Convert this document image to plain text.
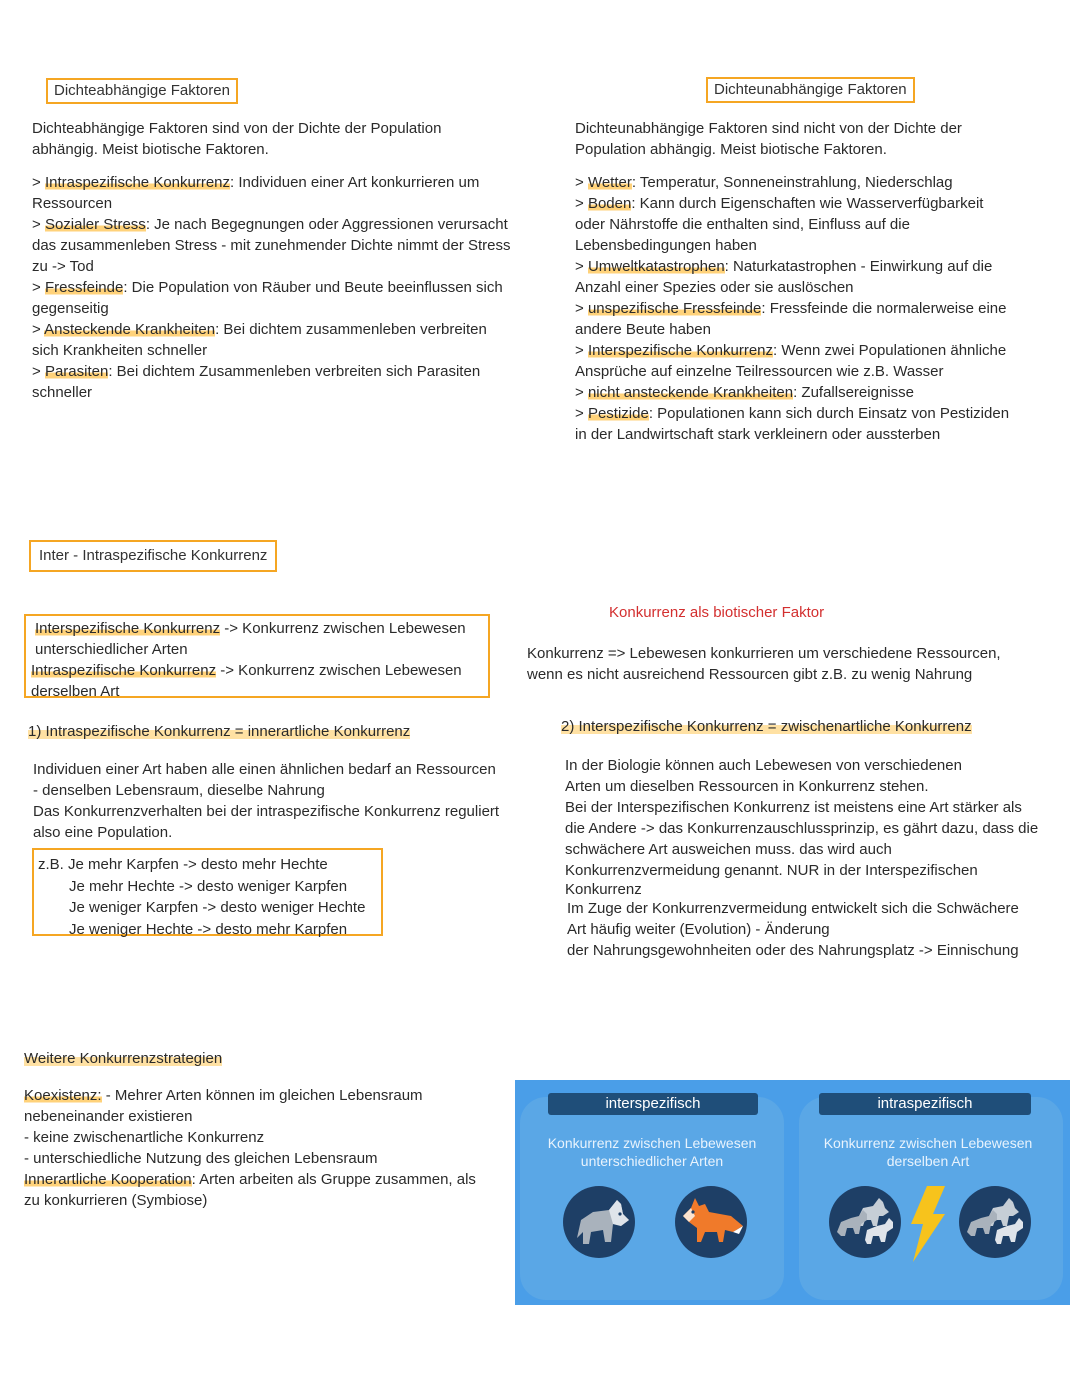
Dichteabhängige Faktoren
Dichteabhängige Faktoren sind von der Dichte der Population
abhängig. Meist biotische Faktoren.
> Intraspezifische Konkurrenz: Individuen einer Art konkurrieren um
Ressourcen
> Sozialer Stress: Je nach Begegnungen oder Aggressionen verursacht
das zusammenleben Stress - mit zunehmender Dichte nimmt der Stress
zu -> Tod
> Fressfeinde: Die Population von Räuber und Beute beeinflussen sich
gegenseitig
> Ansteckende Krankheiten: Bei dichtem zusammenleben verbreiten
sich Krankheiten schneller
> Parasiten: Bei dichtem Zusammenleben verbreiten sich Parasiten
schneller
Dichteunabhängige Faktoren
Dichteunabhängige Faktoren sind nicht von der Dichte der
Population abhängig. Meist biotische Faktoren.
> Wetter: Temperatur, Sonneneinstrahlung, Niederschlag
> Boden: Kann durch Eigenschaften wie Wasserverfügbarkeit
oder Nährstoffe die enthalten sind, Einfluss auf die
Lebensbedingungen haben
> Umweltkatastrophen: Naturkatastrophen - Einwirkung auf die
Anzahl einer Spezies oder sie auslöschen
> unspezifische Fressfeinde: Fressfeinde die normalerweise eine
andere Beute haben
> Interspezifische Konkurrenz: Wenn zwei Populationen ähnliche
Ansprüche auf einzelne Teilressourcen wie z.B. Wasser
> nicht ansteckende Krankheiten: Zufallsereignisse
> Pestizide: Populationen kann sich durch Einsatz von Pestiziden
in der Landwirtschaft stark verkleinern oder aussterben
Inter - Intraspezifische Konkurrenz
Interspezifische Konkurrenz -> Konkurrenz zwischen Lebewesen
unterschiedlicher Arten
Intraspezifische Konkurrenz -> Konkurrenz zwischen Lebewesen
derselben Art
Konkurrenz als biotischer Faktor
Konkurrenz => Lebewesen konkurrieren um verschiedene Ressourcen,
wenn es nicht ausreichend Ressourcen gibt z.B. zu wenig Nahrung
1) Intraspezifische Konkurrenz = innerartliche Konkurrenz
Individuen einer Art haben alle einen ähnlichen bedarf an Ressourcen
- denselben Lebensraum, dieselbe Nahrung
Das Konkurrenzverhalten bei der intraspezifische Konkurrenz reguliert
also eine Population.
z.B. Je mehr Karpfen -> desto mehr Hechte
Je mehr Hechte -> desto weniger Karpfen
Je weniger Karpfen -> desto weniger Hechte
Je weniger Hechte -> desto mehr Karpfen
2) Interspezifische Konkurrenz = zwischenartliche Konkurrenz
In der Biologie können auch Lebewesen von verschiedenen
Arten um dieselben Ressourcen in Konkurrenz stehen.
Bei der Interspezifischen Konkurrenz ist meistens eine Art stärker als
die Andere -> das Konkurrenzauschlussprinzip, es gährt dazu, dass die
schwächere Art ausweichen muss. das wird auch
Konkurrenzvermeidung genannt. NUR in der Interspezifischen
Konkurrenz
Im Zuge der Konkurrenzvermeidung entwickelt sich die Schwächere
Art häufig weiter (Evolution) - Änderung
der Nahrungsgewohnheiten oder des Nahrungsplatz -> Einnischung
Weitere Konkurrenzstrategien
Koexistenz: - Mehrer Arten können im gleichen Lebensraum
nebeneinander existieren
- keine zwischenartliche Konkurrenz
- unterschiedliche Nutzung des gleichen Lebensraum
Innerartliche Kooperation: Arten arbeiten als Gruppe zusammen, als
zu konkurrieren (Symbiose)
interspezifisch
Konkurrenz zwischen Lebewesen
unterschiedlicher Arten
intraspezifisch
Konkurrenz zwischen Lebewesen
derselben Art
